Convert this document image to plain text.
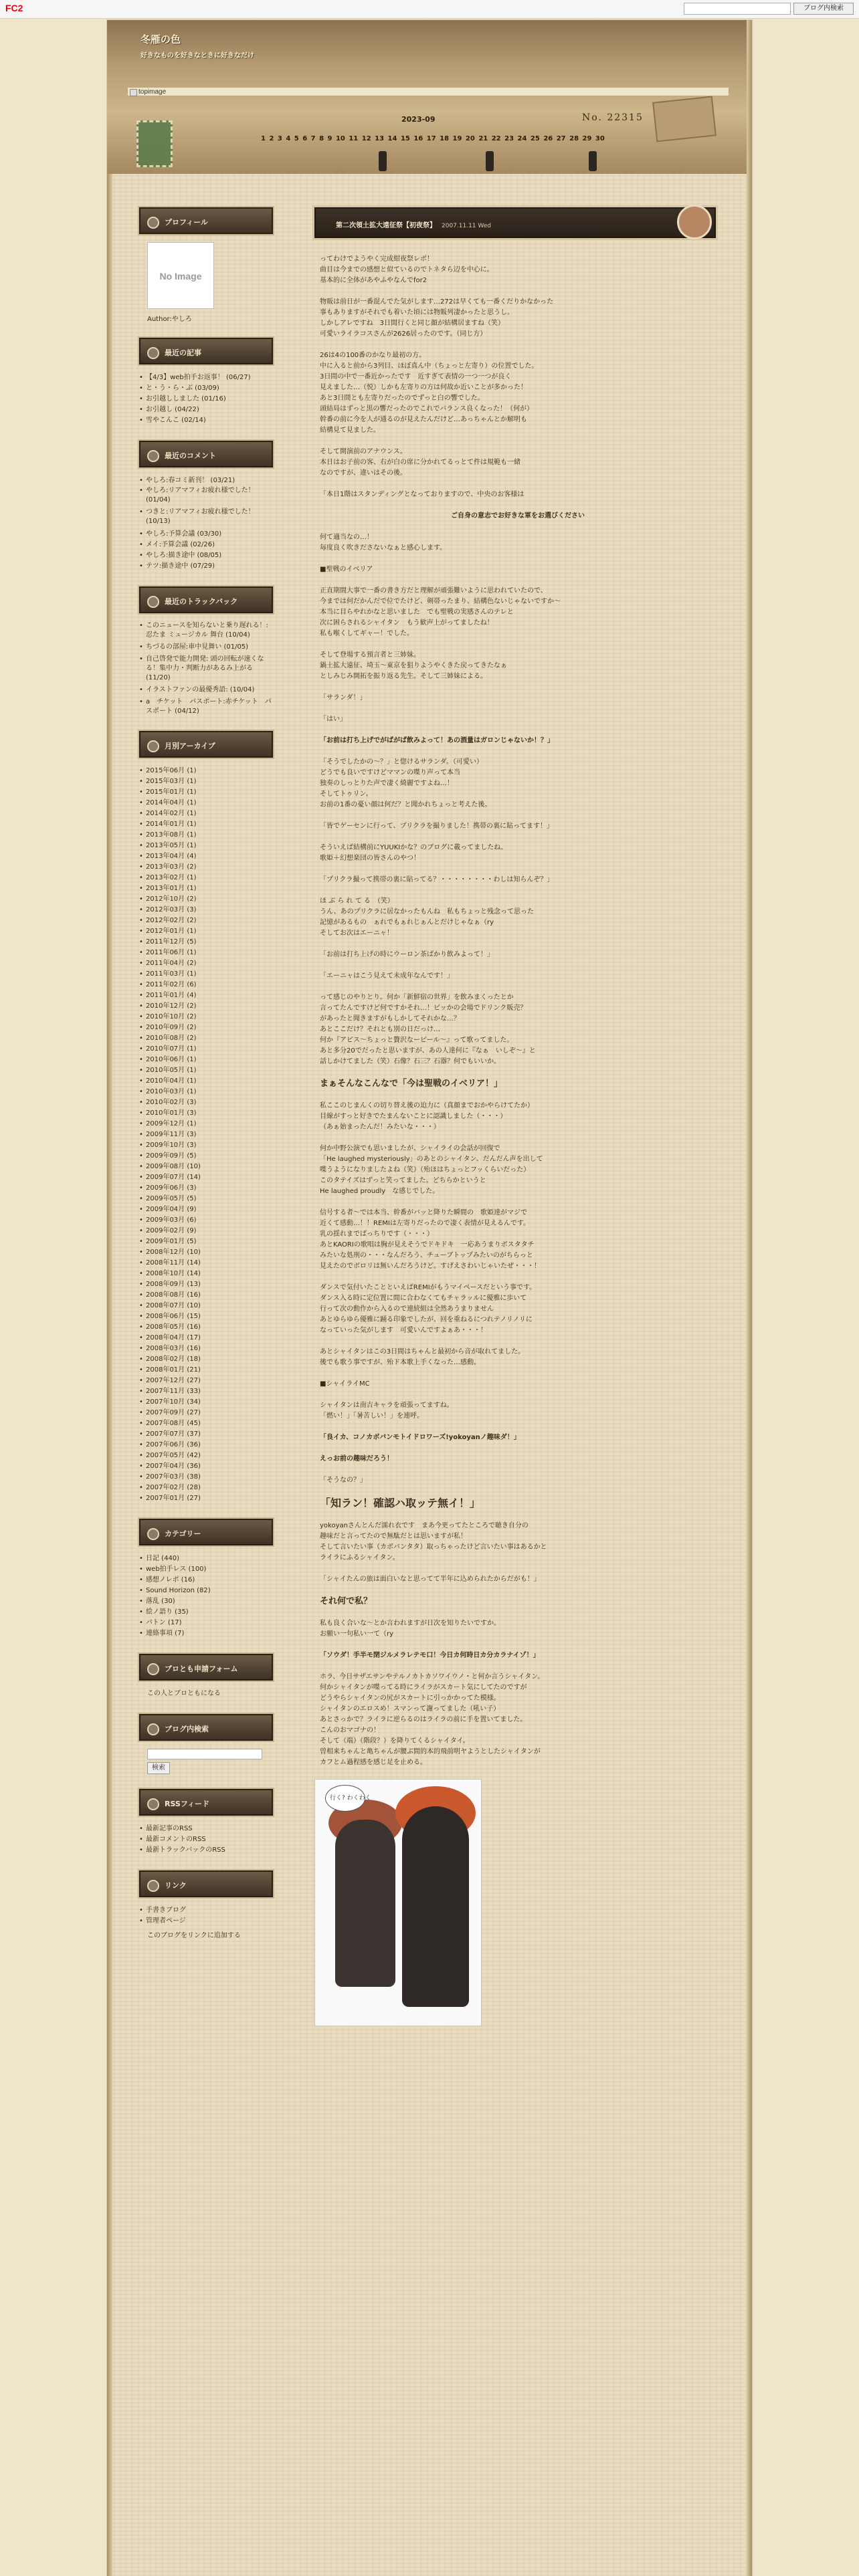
FC2	ブログ内検索
冬雁の色
好きなものを好きなときに好きなだけ
topimage
2023-09	No. 22315
1 2 3 4 5 6 7 8 9 10 11 12 13 14 15 16 17 18 19 20 21 22 23 24 25 26 27 28 29 30
プロフィール
No Image
Author:やしろ
最近の記事
• 【4/3】web拍手お返事！ (06/27)
• と・う・ら・ぶ (03/09)
• お引越ししました (01/16)
• お引越し (04/22)
• 雪やこんこ (02/14)
最近のコメント
• やしろ:春コミ新刊！ (03/21)
• やしろ:リアマフィお疲れ様でした！ (01/04)
• つきと:リアマフィお疲れ様でした！ (10/13)
• やしろ:予算会議 (03/30)
• メイ:予算会議 (02/26)
• やしろ:描き途中 (08/05)
• テツ:描き途中 (07/29)
最近のトラックバック
• このニュースを知らないと乗り遅れる！:忍たま ミュージカル 舞台 (10/04)
• ちづるの部屋:車中見舞い (01/05)
• 自己啓発で能力開発: 頭の回転が速くなる！集中力・判断力があるみ上がる (11/20)
• イラストファンの最優秀語: (10/04)
• a　チケット　パスポート:赤チケット　パスポート (04/12)
月別アーカイブ
• 2015年06月 (1)
• 2015年03月 (1)
• 2015年01月 (1)
• 2014年04月 (1)
• 2014年02月 (1)
• 2014年01月 (1)
• 2013年08月 (1)
• 2013年05月 (1)
• 2013年04月 (4)
• 2013年03月 (2)
• 2013年02月 (1)
• 2013年01月 (1)
• 2012年10月 (2)
• 2012年03月 (3)
• 2012年02月 (2)
• 2012年01月 (1)
• 2011年12月 (5)
• 2011年06月 (1)
• 2011年04月 (2)
• 2011年03月 (1)
• 2011年02月 (6)
• 2011年01月 (4)
• 2010年12月 (2)
• 2010年10月 (2)
• 2010年09月 (2)
• 2010年08月 (2)
• 2010年07月 (1)
• 2010年06月 (1)
• 2010年05月 (1)
• 2010年04月 (1)
• 2010年03月 (1)
• 2010年02月 (3)
• 2010年01月 (3)
• 2009年12月 (1)
• 2009年11月 (3)
• 2009年10月 (3)
• 2009年09月 (5)
• 2009年08月 (10)
• 2009年07月 (14)
• 2009年06月 (3)
• 2009年05月 (5)
• 2009年04月 (9)
• 2009年03月 (6)
• 2009年02月 (9)
• 2009年01月 (5)
• 2008年12月 (10)
• 2008年11月 (14)
• 2008年10月 (14)
• 2008年09月 (13)
• 2008年08月 (16)
• 2008年07月 (10)
• 2008年06月 (15)
• 2008年05月 (16)
• 2008年04月 (17)
• 2008年03月 (16)
• 2008年02月 (18)
• 2008年01月 (21)
• 2007年12月 (27)
• 2007年11月 (33)
• 2007年10月 (34)
• 2007年09月 (27)
• 2007年08月 (45)
• 2007年07月 (37)
• 2007年06月 (36)
• 2007年05月 (42)
• 2007年04月 (36)
• 2007年03月 (38)
• 2007年02月 (28)
• 2007年01月 (27)
カテゴリー
• 日記 (440)
• web拍手レス (100)
• 感想ノレポ (16)
• Sound Horizon (82)
• 落乱 (30)
• 絵ノ語り (35)
• バトン (17)
• 連絡事項 (7)
ブロとも申請フォーム
この人とブロともになる
ブログ内検索
検索
RSSフィード
• 最新記事のRSS
• 最新コメントのRSS
• 最新トラックバックのRSS
リンク
• 手書きブログ
• 管理者ページ
このブログをリンクに追加する
第二次領土拡大遠征祭【初夜祭】 2007.11.11 Wed

ってわけでようやく完成紺夜祭レポ！
曲目は今までの感想と似ているのでトネタら辺を中心に。
基本的に全体があやふやなんでfor2

物販は前日が一番混んでた気がします…272は早くても一番くだりかなかった
事もありますがそれでも着いた頃には物販列凄かったと思うし。
しかしアレですね　3日間行くと同じ顔が結構居ますね（笑）
可愛いライラコスさんが2626居ったのです。（同じ方）

26は4の100番のかなり最初の方。
中に入ると前から3列目、ほぼ真ん中（ちょっと左寄り）の位置でした。
3日間の中で一番近かったです　近すぎて表情の一つ一つが良く
見えました…（悦）しかも左寄りの方は何故か近いことが多かった！
あと3日間とも左寄りだったのでずっと白の響でした。
頭結局はずっと黒の響だったのでこれでバランス良くなった！（何が）
幹番の前に今を人が通るのが見えたんだけど…あっちゃんとか解明も
結構見て見ました。

そして開演前のアナウンス。
本日はお子前の客、右が白の席に分かれてるっとて件は規範も一緒
なのですが、違いはその後。

「本日1階はスタンディングとなっておりますので、中央のお客様は

ご自身の意志でお好きな軍をお選びください

何て適当なの…！
毎度良く吹きださないなぁと感心します。

■聖戦のイベリア

正直期間大事で一番の書き方だと理解が頑張難いように思われていたので、
今までは何だかんだで位でたけど、剣帯ったまり、結構色ないじゃないですか〜
本当に目らやれかなと思いました　でも聖戦の実感さんのテレと
次に困らされるシャイタン　もう歓声上がってましたね！
私も喉くしてギャー！でした。

そして登場する預言者と三姉妹。
鍋土拡大遠征、埼玉〜東京を狙りようやくきた戻ってきたなぁ
としみじみ開拓を振り返る先生。そして三姉妹による。

「サランダ！」

「はい」

「お前は打ち上げでがばがば飲みよって！あの酒量はガロンじゃないか！？」

「そうでしたかの〜？」と惚けるサランダ。（可愛い）
どうでも良いですけどママンの喋り声って本当
独奏のしっとりた声で凄く綺麗ですよね…！
そしてトゥリン。
お前の1番の憂い顔は何だ？と聞かれちょっと考えた後。

「皆でゲーセンに行って、プリクラを撮りました！携帯の裏に貼ってます！」

そういえば結構前にYUUKIかな？のブログに載ってましたね。
歌姫＋幻想楽団の皆さんのやつ！

「プリクラ撮って携帯の裏に貼ってる？・・・・・・・・わしは知らんぞ？」

ほ ぶ ら れ て る　（笑）
うん、あのプリクラに居なかったもんね　私もちょっと残念って思った
記憶があるもの　ぁれでもぁれじぁんとだけじゃなぁ（ry
そしてお次はエーニャ！

「お前は打ち上げの時にウーロン茶ばかり飲みよって！」

「エーニャはこう見えて未成年なんです！」

って感じのやりとり。何か「新鮮宿の世界」を飲みまくったとか
言ってたんですけど何ですかそれ…！ビッかの会場でドリンク販売？
があったと聞きますがもしかしてそれかな…？
あとここだけ？それとも別の日だっけ…
何か『アピス〜ちょっと贅沢なービール〜』って歌ってました。
あと多分20でだったと思いますが、あの人達何に『なぁ　いしぞ〜』と
話しかけてました（笑）石像？石三？石器？何でもいいか。

まぁそんなこんなで「今は聖戦のイベリア！」

私ここのじまんくの切り替え後の迫力に（真顔までおかやらけてたか）
目線がすっと好きでたまんないことに認識しました（・・・）
（あぁ始まったんだ！みたいな・・・）

何か中野公演でも思いましたが、シャイライの会話が回復で
「He laughed mysteriously」のあとのシャイタン、だんだん声を出して
喋うようになりましたよね（笑）（殆ほはちょっとフッくらいだった）
このタテイズはずっと笑ってました。どちらかというと
He laughed proudly　な感じでした。

信号する者〜では本当、幹番がバッと降りた瞬間の　歌姫達がマジで
近くて感動…！！REMIは左寄りだったので凄く表情が見えるんです。
乳の揺れまでばっちりです（・・・）
あとKAORIの歌唱は胸が見えそうでドキドキ　一応あうまりボスタタチ
みたいな処刑の・・・なんだろう、チューブトップみたいのがちらっと
見えたのでボロリは無いんだろうけど。すげえさわいじゃいたぜ・・・！

ダンスで気付いたことといえばREMIがもうマイペースだという事です。
ダンス入る時に定位置に間に合わなくてもチャラッルに優雅に歩いて
行って次の動作から入るので連続組は全然あうまりません
あとゆらゆら優雅に踊る印象でしたが、回を重ねるにつれテノリノリに
なっていった気がします　可愛いんですよぁあ・・・！

あとシャイタンはこの3日間はちゃんと最初から音が取れてました。
後でも歌う事ですが、殆ド本歌上手くなった…感動。

■シャイライMC

シャイタンは南吉キャラを頑張ってますね。
「燃い！」「暑苦しい！」を連呼。

「良イカ、コノカボバンモトイドロワーズ!yokoyanノ趣味ダ！」

えっお前の趣味だろう！

「そうなの？」

「知ラン！確認ハ取ッテ無イ！」

yokoyanさんとんだ濡れ衣です　まあ今更ってたところで聴き自分の
趣味だと言ってたので無駄だとは思いますが私！
そして言いたい事（カボバンタタ）取っちゃったけど言いたい事はあるかと
ライラにふるシャイタン。

「シャイたんの旅は面白いなと思ってて半年に込められたからだがも！」

それ何で私？

私も良く合いな〜とか言われますが日次を知りたいですか。
お願い一句私い一て（ry

「ソウダ！手半モ閉ジルメラレテモ口！今日カ何時日カ分カラナイゾ！」

ホラ、今日サザエサンやテルノカトカソワイウノ・と何か言うシャイタン。
何かシャイタンが喋ってる時にライラがスカート気にしてたのですが
どうやらシャイタンの尻がスカートに引っかかってた模様。
シャイタンのエロスめ！スマンって謝ってました（吼い子）
あとさっかで？ライラに逆らるのはライラの前に手を置いてました。
こんのおマゴナの！
そして（端）（階段？）を降りてくるシャイタイ。
曽相来ちゃんと亀ちゃんが腰ぶ間的本的飛前明ヤようとしたシャイタンが
カフとム過程感を感じ足を止める。

行く? わくわく
